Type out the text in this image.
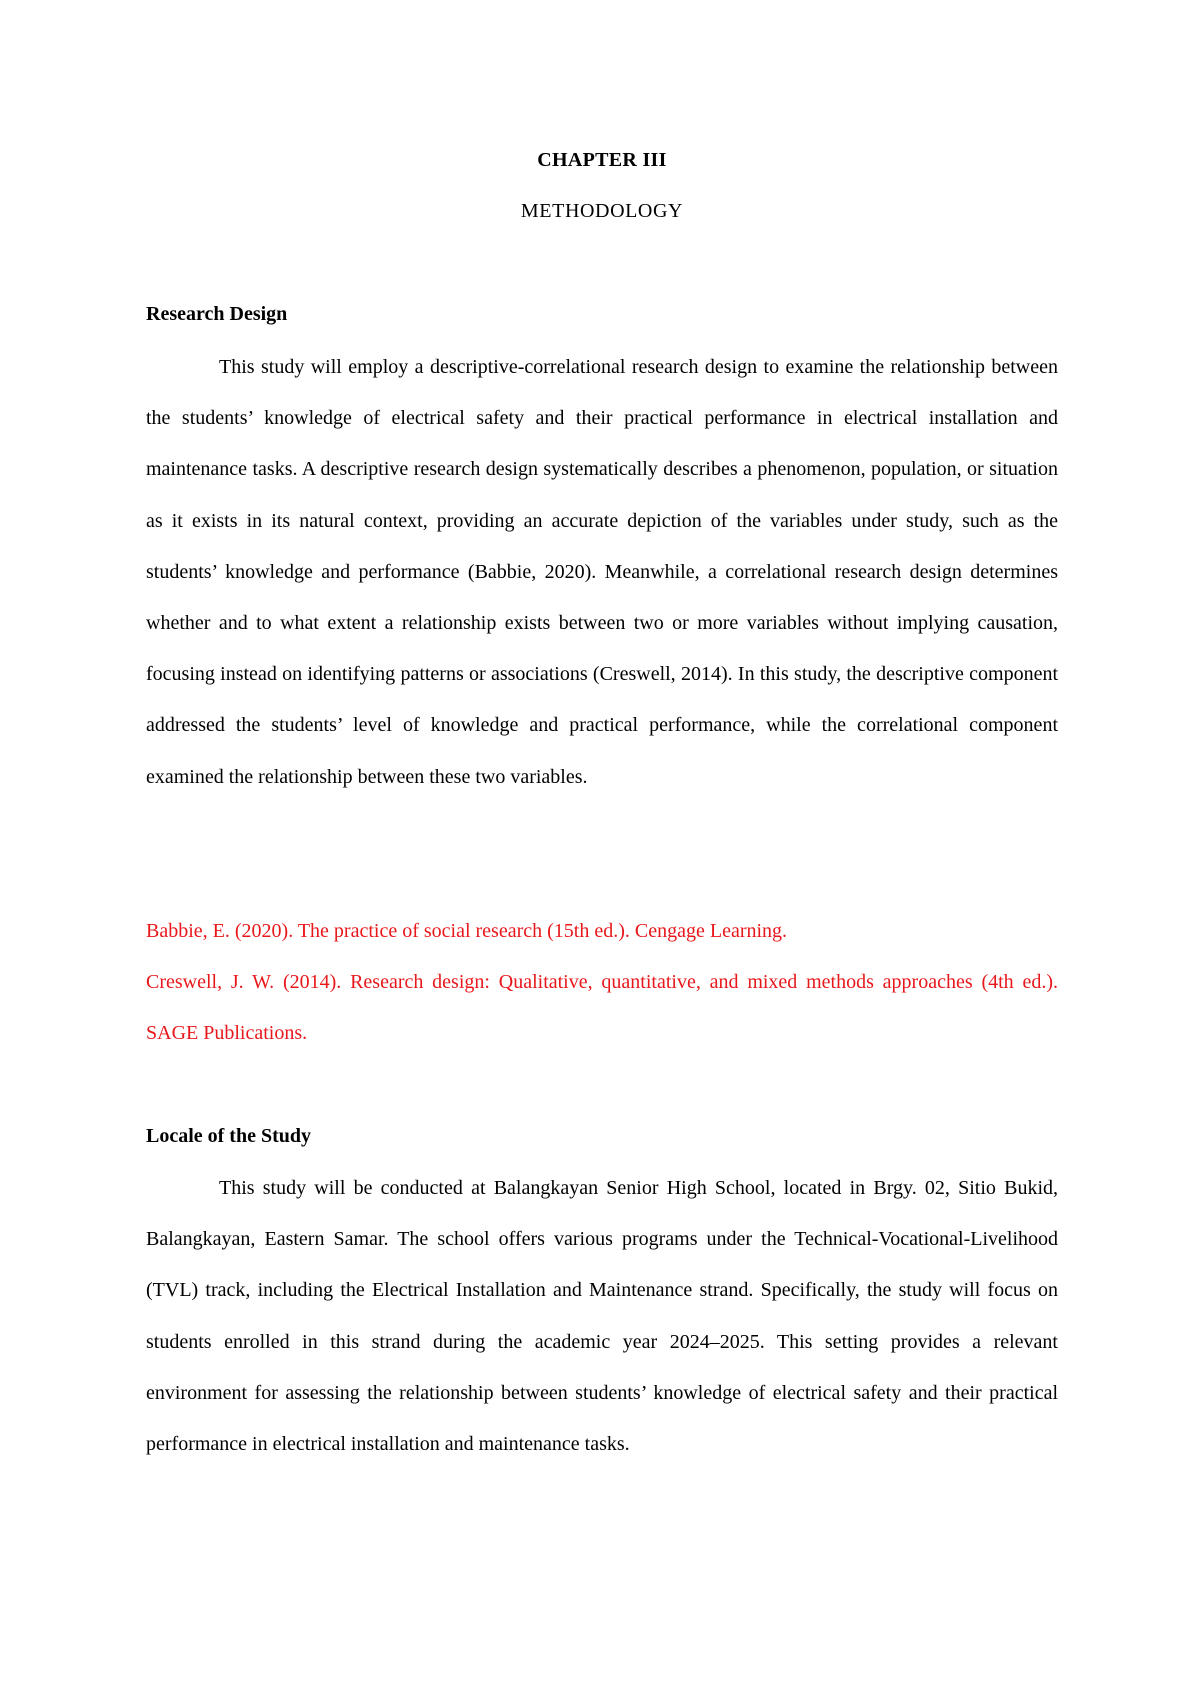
CHAPTER III
METHODOLOGY
Research Design

This study will employ a descriptive-correlational research design to examine the relationship between the students’ knowledge of electrical safety and their practical performance in electrical installation and maintenance tasks. A descriptive research design systematically describes a phenomenon, population, or situation as it exists in its natural context, providing an accurate depiction of the variables under study, such as the students’ knowledge and performance (Babbie, 2020). Meanwhile, a correlational research design determines whether and to what extent a relationship exists between two or more variables without implying causation, focusing instead on identifying patterns or associations (Creswell, 2014). In this study, the descriptive component addressed the students’ level of knowledge and practical performance, while the correlational component examined the relationship between these two variables.

Babbie, E. (2020). The practice of social research (15th ed.). Cengage Learning.

Creswell, J. W. (2014). Research design: Qualitative, quantitative, and mixed methods approaches (4th ed.). SAGE Publications.

Locale of the Study

This study will be conducted at Balangkayan Senior High School, located in Brgy. 02, Sitio Bukid, Balangkayan, Eastern Samar. The school offers various programs under the Technical-Vocational-Livelihood (TVL) track, including the Electrical Installation and Maintenance strand. Specifically, the study will focus on students enrolled in this strand during the academic year 2024–2025. This setting provides a relevant environment for assessing the relationship between students’ knowledge of electrical safety and their practical performance in electrical installation and maintenance tasks.
